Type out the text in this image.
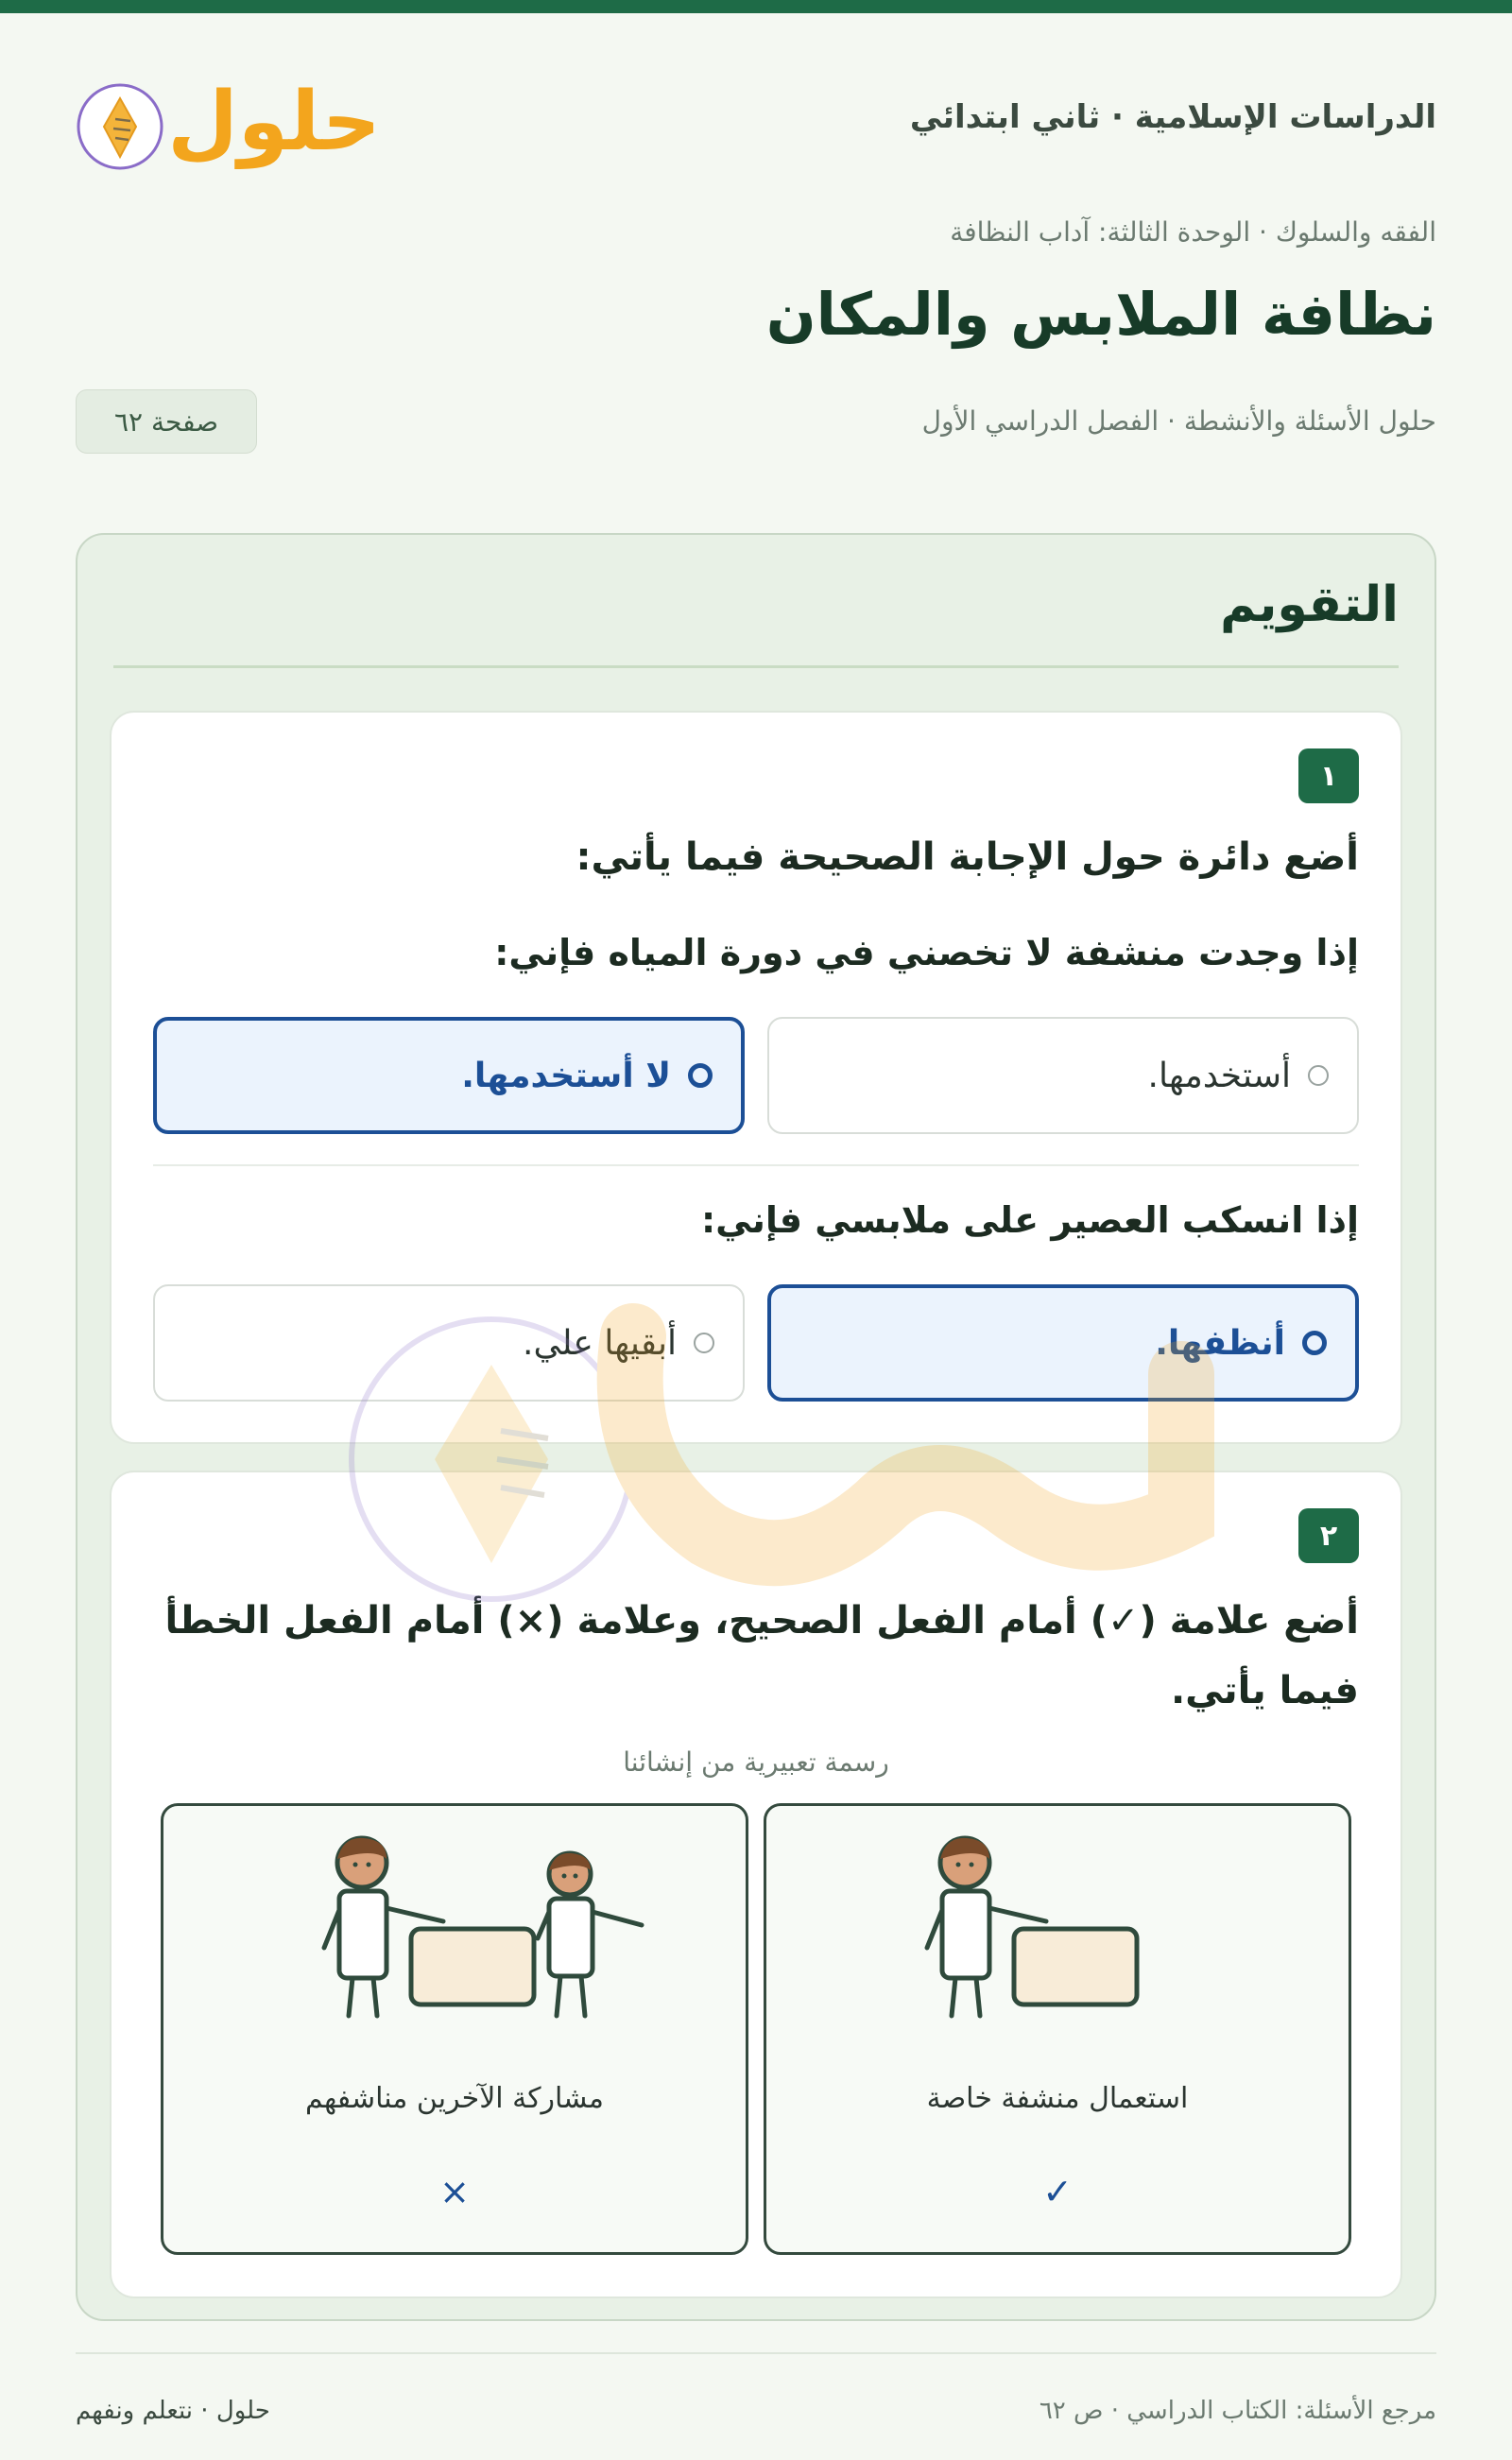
الدراسات الإسلامية · ثاني ابتدائي
حلول
الفقه والسلوك · الوحدة الثالثة: آداب النظافة
نظافة الملابس والمكان
حلول الأسئلة والأنشطة · الفصل الدراسي الأول
صفحة ٦٢
التقويم
١
أضع دائرة حول الإجابة الصحيحة فيما يأتي:
إذا وجدت منشفة لا تخصني في دورة المياه فإني:
أستخدمها.
لا أستخدمها.
إذا انسكب العصير على ملابسي فإني:
أنظفها.
أبقيها علي.
٢

أضع علامة (✓) أمام الفعل الصحيح، وعلامة (×) أمام الفعل الخطأ فيما يأتي.

رسمة تعبيرية من إنشائنا
استعمال منشفة خاصة
✓
مشاركة الآخرين مناشفهم
×
مرجع الأسئلة: الكتاب الدراسي · ص ٦٢
حلول · نتعلم ونفهم
